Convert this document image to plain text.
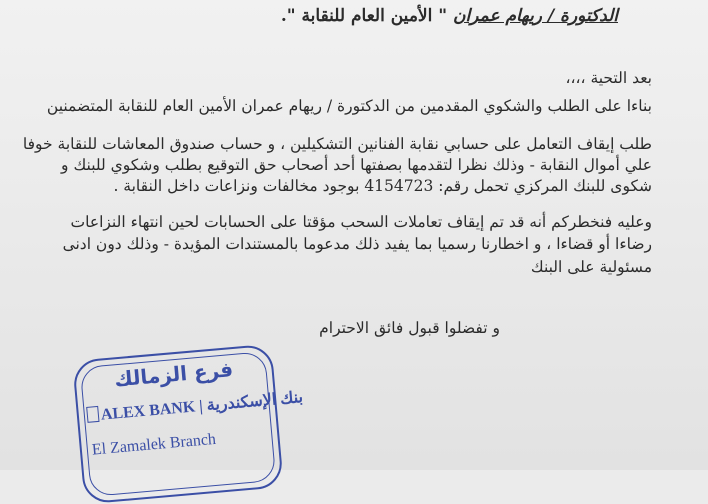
الدكتورة / ريهام عمران " الأمين العام للنقابة ".
بعد التحية ،،،،
بناءا على الطلب والشكوي المقدمين من الدكتورة / ريهام عمران الأمين العام للنقابة المتضمنين
طلب إيقاف التعامل على حسابي نقابة الفنانين التشكيلين ، و حساب صندوق المعاشات للنقابة خوفا
علي أموال النقابة - وذلك نظرا لتقدمها بصفتها أحد أصحاب حق التوقيع بطلب وشكوي للبنك و
شكوى للبنك المركزي تحمل رقم: 4154723 بوجود مخالفات ونزاعات داخل النقابة .
وعليه فنخطركم أنه قد تم إيقاف تعاملات السحب مؤقتا على الحسابات لحين انتهاء النزاعات
رضاءا أو قضاءا ، و اخطارنا رسميا بما يفيد ذلك مدعوما بالمستندات المؤيدة - وذلك دون ادنى
مسئولية على البنك
و تفضلوا قبول فائق الاحترام
فرع الزمالك
ALEX BANK | بنك الإسكندرية
El Zamalek Branch
